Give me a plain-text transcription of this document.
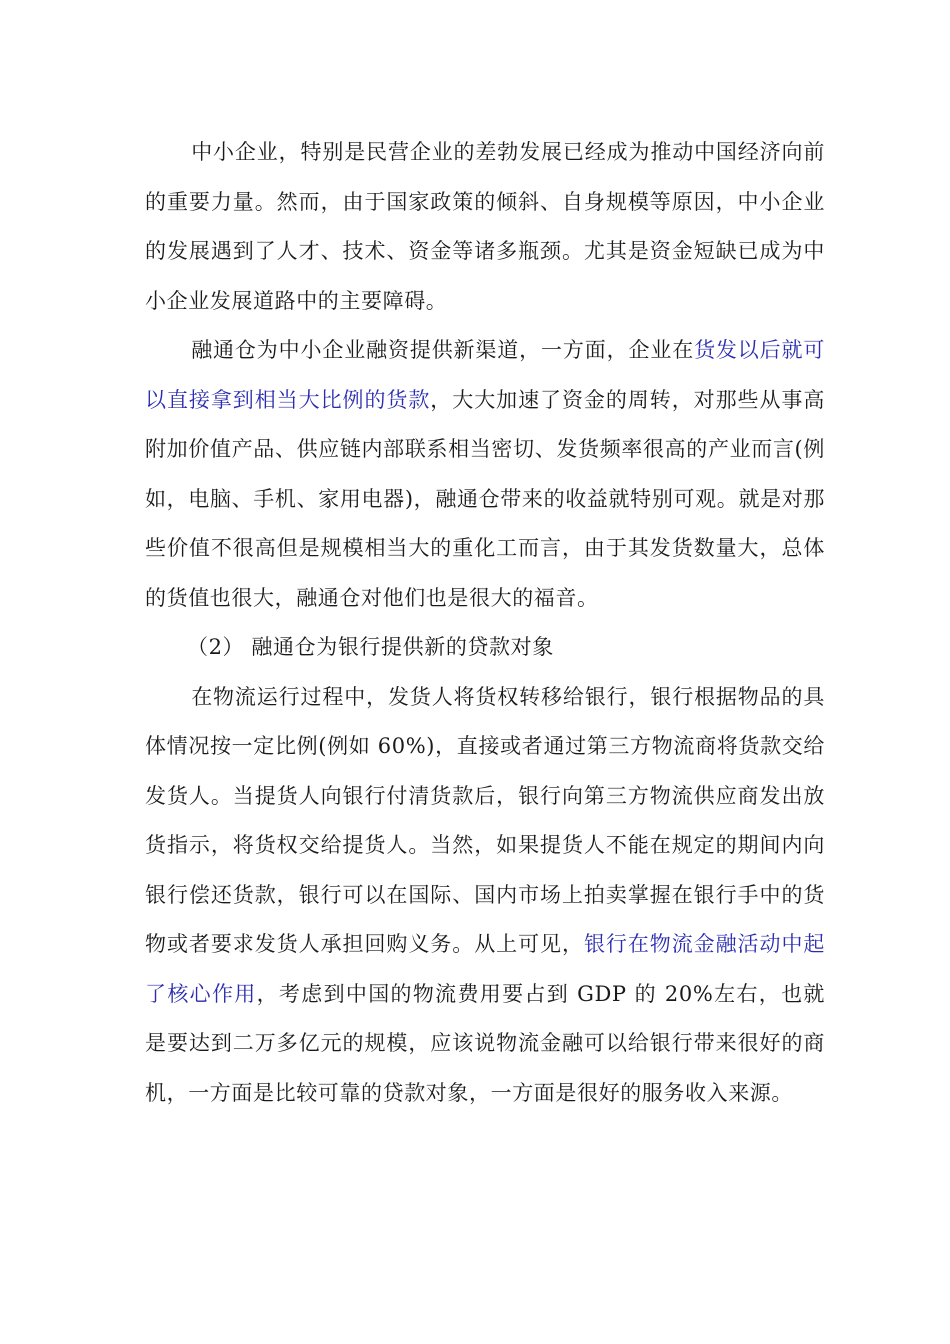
中小企业，特别是民营企业的差勃发展已经成为推动中国经济向前的重要力量。然而，由于国家政策的倾斜、自身规模等原因，中小企业的发展遇到了人才、技术、资金等诸多瓶颈。尤其是资金短缺已成为中小企业发展道路中的主要障碍。

融通仓为中小企业融资提供新渠道，一方面，企业在货发以后就可以直接拿到相当大比例的货款，大大加速了资金的周转，对那些从事高附加价值产品、供应链内部联系相当密切、发货频率很高的产业而言(例如，电脑、手机、家用电器)，融通仓带来的收益就特别可观。就是对那些价值不很高但是规模相当大的重化工而言，由于其发货数量大，总体的货值也很大，融通仓对他们也是很大的福音。

（2） 融通仓为银行提供新的贷款对象

在物流运行过程中，发货人将货权转移给银行，银行根据物品的具体情况按一定比例(例如 60%)，直接或者通过第三方物流商将货款交给发货人。当提货人向银行付清货款后，银行向第三方物流供应商发出放货指示，将货权交给提货人。当然，如果提货人不能在规定的期间内向银行偿还货款，银行可以在国际、国内市场上拍卖掌握在银行手中的货物或者要求发货人承担回购义务。从上可见，银行在物流金融活动中起了核心作用，考虑到中国的物流费用要占到 GDP 的 20%左右，也就是要达到二万多亿元的规模，应该说物流金融可以给银行带来很好的商机，一方面是比较可靠的贷款对象，一方面是很好的服务收入来源。
